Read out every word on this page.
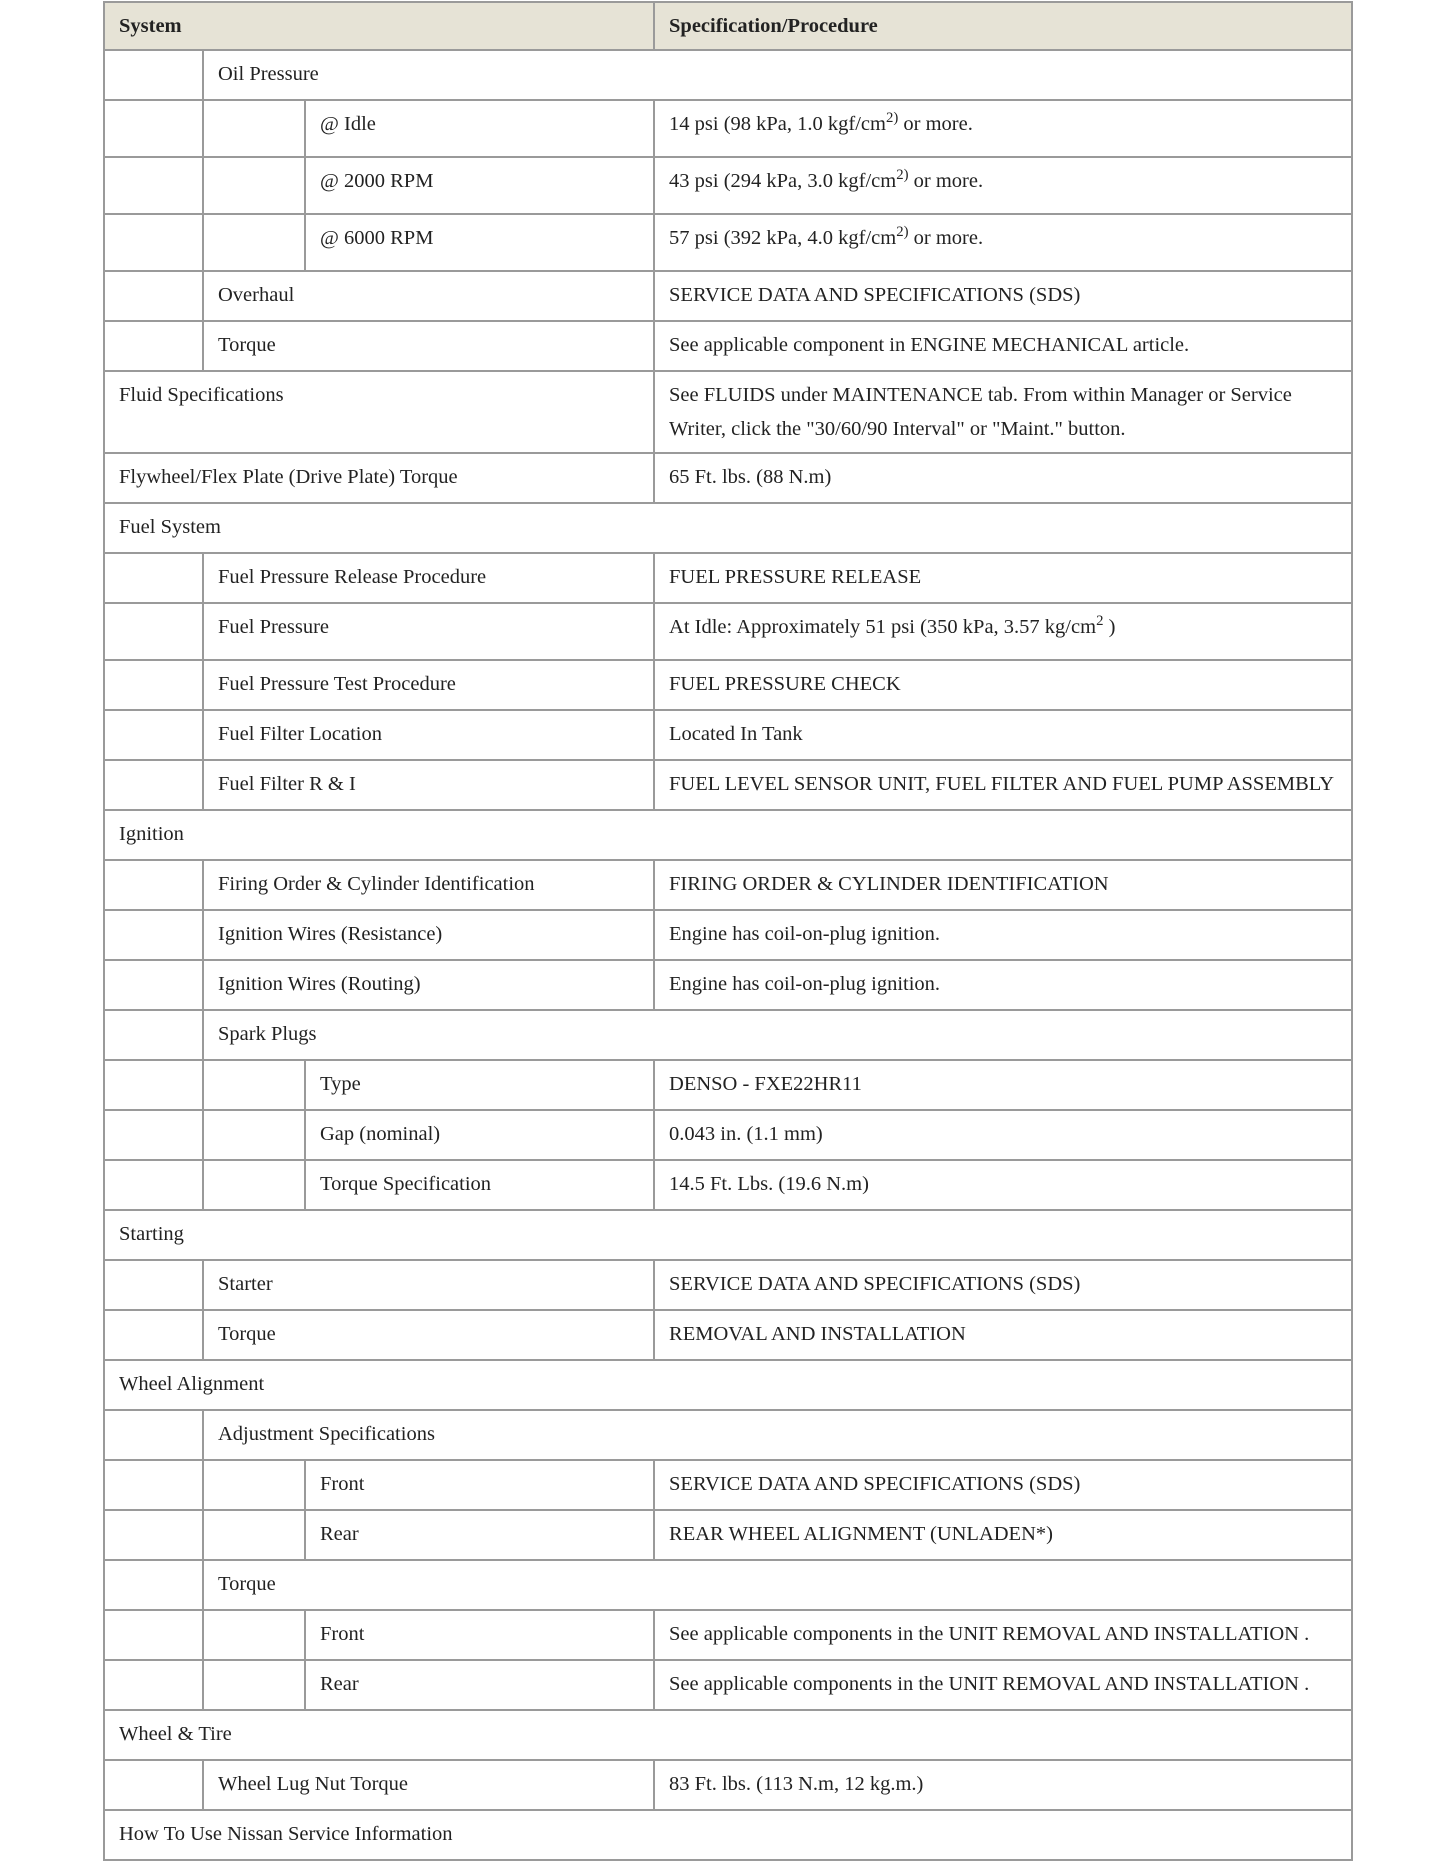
System			Specification/Procedure
	Oil Pressure		
		@ Idle	14 psi (98 kPa, 1.0 kgf/$cm^{2)}$ or more.
		@ 2000 RPM	43 psi (294 kPa, 3.0 kgf/$cm^{2)}$ or more.
		@ 6000 RPM	57 psi (392 kPa, 4.0 kgf/$cm^{2)}$ or more.
	Overhaul		SERVICE DATA AND SPECIFICATIONS (SDS)
	Torque		See applicable component in ENGINE MECHANICAL article.
Fluid Specifications			See FLUIDS under MAINTENANCE tab. From within Manager or Service Writer, click the "30/60/90 Interval" or "Maint." button.
Flywheel/Flex Plate (Drive Plate) Torque			65 Ft. lbs. (88 N.m)
Fuel System			
	Fuel Pressure Release Procedure		FUEL PRESSURE RELEASE
	Fuel Pressure		At Idle: Approximately 51 psi (350 kPa, 3.57 $kg/cm^2$ )
	Fuel Pressure Test Procedure		FUEL PRESSURE CHECK
	Fuel Filter Location		Located In Tank
	Fuel Filter R & I		FUEL LEVEL SENSOR UNIT, FUEL FILTER AND FUEL PUMP ASSEMBLY
Ignition			
	Firing Order & Cylinder Identification		FIRING ORDER & CYLINDER IDENTIFICATION
	Ignition Wires (Resistance)		Engine has coil-on-plug ignition.
	Ignition Wires (Routing)		Engine has coil-on-plug ignition.
	Spark Plugs		
		Type	DENSO - FXE22HR11
		Gap (nominal)	0.043 in. (1.1 mm)
		Torque Specification	14.5 Ft. Lbs. (19.6 N.m)
Starting			
	Starter		SERVICE DATA AND SPECIFICATIONS (SDS)
	Torque		REMOVAL AND INSTALLATION
Wheel Alignment			
	Adjustment Specifications		
		Front	SERVICE DATA AND SPECIFICATIONS (SDS)
		Rear	REAR WHEEL ALIGNMENT (UNLADEN*)
	Torque		
		Front	See applicable components in the UNIT REMOVAL AND INSTALLATION .
		Rear	See applicable components in the UNIT REMOVAL AND INSTALLATION .
Wheel & Tire			
	Wheel Lug Nut Torque		83 Ft. lbs. (113 N.m, 12 kg.m.)
How To Use Nissan Service Information			
